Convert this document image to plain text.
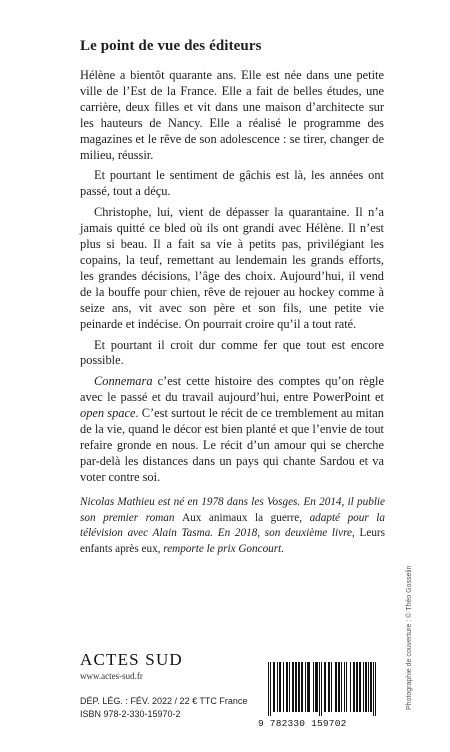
Le point de vue des éditeurs

Hélène a bientôt quarante ans. Elle est née dans une petite ville de l’Est de la France. Elle a fait de belles études, une carrière, deux filles et vit dans une maison d’architecte sur les hauteurs de Nancy. Elle a réalisé le programme des magazines et le rêve de son adolescence : se tirer, changer de milieu, réussir.

Et pourtant le sentiment de gâchis est là, les années ont passé, tout a déçu.

Christophe, lui, vient de dépasser la quarantaine. Il n’a jamais quitté ce bled où ils ont grandi avec Hélène. Il n’est plus si beau. Il a fait sa vie à petits pas, privilégiant les copains, la teuf, remettant au lendemain les grands efforts, les grandes décisions, l’âge des choix. Aujourd’hui, il vend de la bouffe pour chien, rêve de rejouer au hockey comme à seize ans, vit avec son père et son fils, une petite vie peinarde et indécise. On pourrait croire qu’il a tout raté.

Et pourtant il croit dur comme fer que tout est encore possible.

Connemara c’est cette histoire des comptes qu’on règle avec le passé et du travail aujourd’hui, entre PowerPoint et open space. C’est surtout le récit de ce tremblement au mitan de la vie, quand le décor est bien planté et que l’envie de tout refaire gronde en nous. Le récit d’un amour qui se cherche par-delà les distances dans un pays qui chante Sardou et va voter contre soi.

Nicolas Mathieu est né en 1978 dans les Vosges. En 2014, il publie son premier roman Aux animaux la guerre, adapté pour la télévision avec Alain Tasma. En 2018, son deuxième livre, Leurs enfants après eux, remporte le prix Goncourt.
Photographie de couverture : © Théo Gosselin
ACTES SUD
www.actes-sud.fr
DÉP. LÉG. : FÉV. 2022 / 22 € TTC France
ISBN 978-2-330-15970-2
9 782330 159702
